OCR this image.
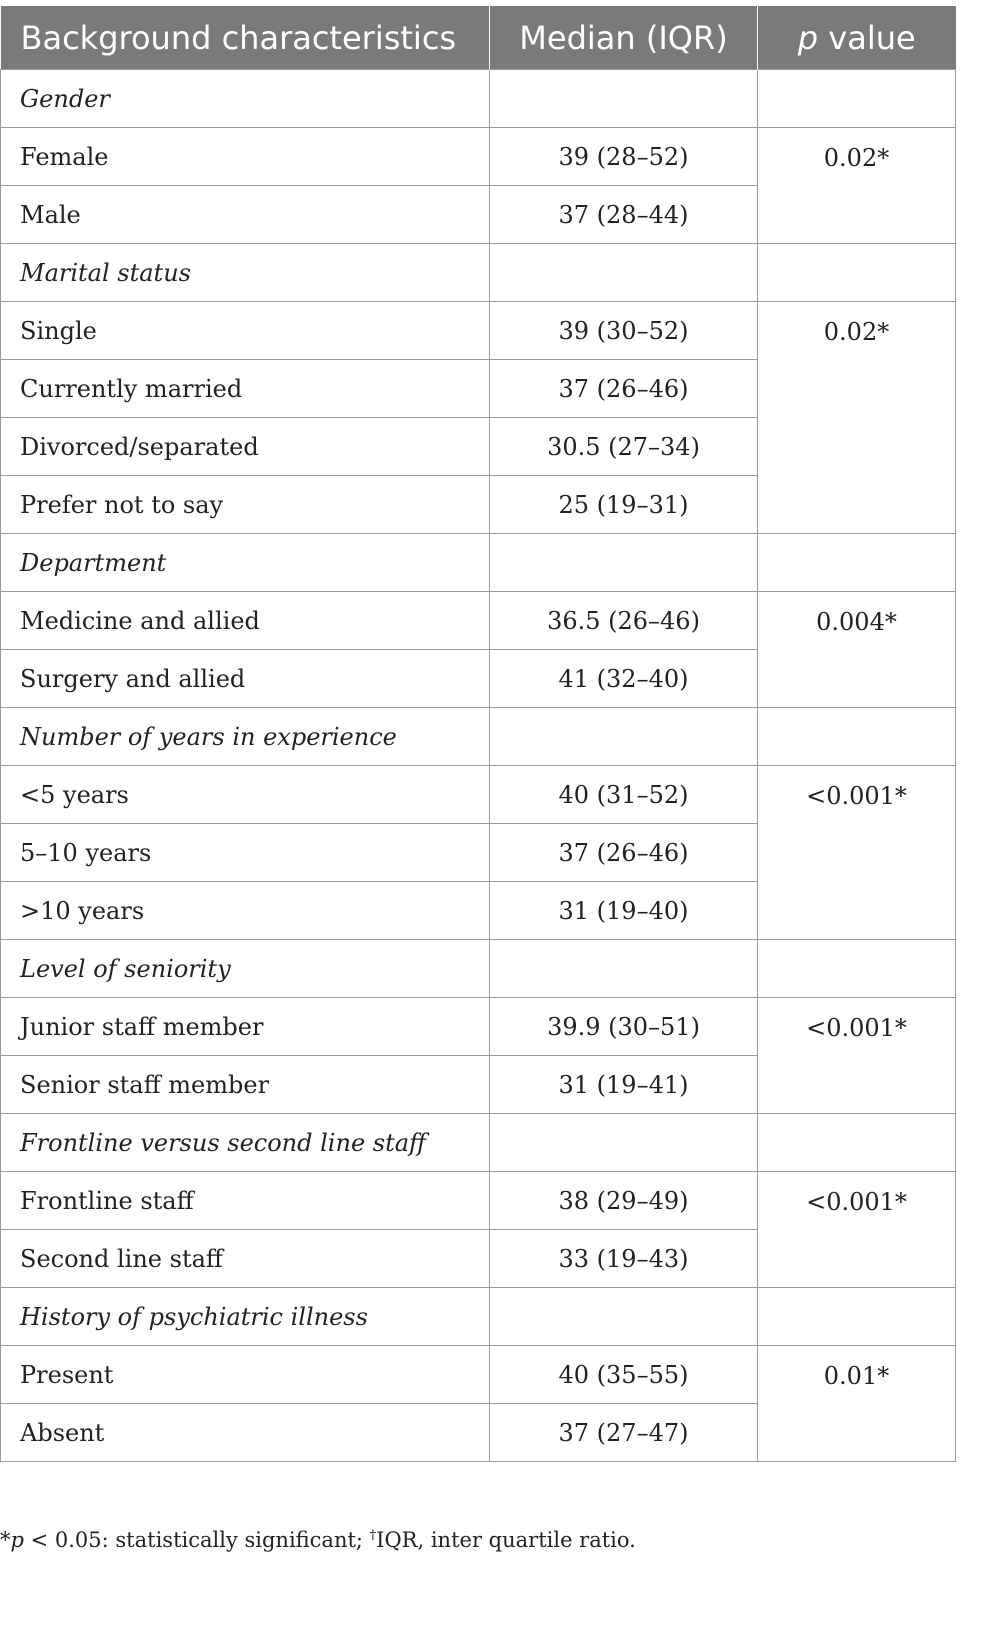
Background characteristics	Median (IQR)	p value
Gender		
Female	39 (28–52)	0.02*
Male	37 (28–44)	
Marital status		
Single	39 (30–52)	0.02*
Currently married	37 (26–46)	
Divorced/separated	30.5 (27–34)	
Prefer not to say	25 (19–31)	
Department		
Medicine and allied	36.5 (26–46)	0.004*
Surgery and allied	41 (32–40)	
Number of years in experience		
<5 years	40 (31–52)	<0.001*
5–10 years	37 (26–46)	
>10 years	31 (19–40)	
Level of seniority		
Junior staff member	39.9 (30–51)	<0.001*
Senior staff member	31 (19–41)	
Frontline versus second line staff		
Frontline staff	38 (29–49)	<0.001*
Second line staff	33 (19–43)	
History of psychiatric illness		
Present	40 (35–55)	0.01*
Absent	37 (27–47)	
*p < 0.05: statistically significant; †IQR, inter quartile ratio.
